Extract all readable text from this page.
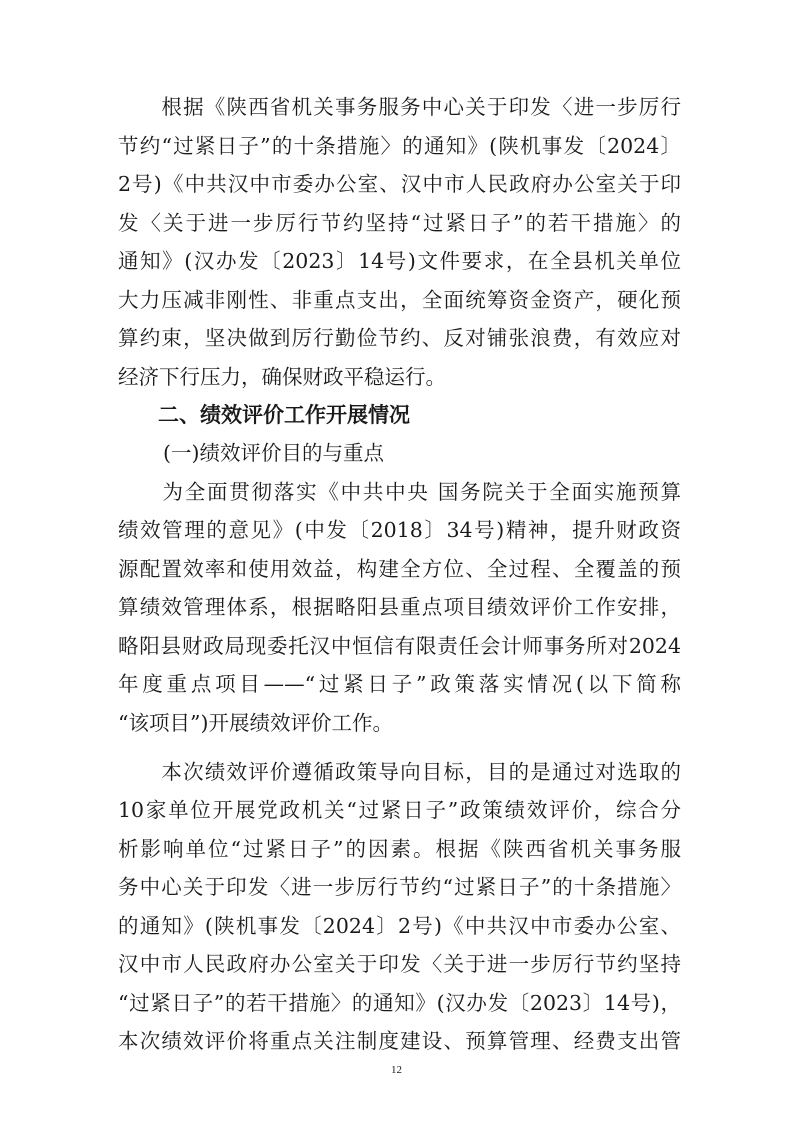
　　根据《陕西省机关事务服务中心关于印发〈进一步厉行
节约“过紧日子”的十条措施〉的通知》(陕机事发〔2024〕
2号)《中共汉中市委办公室、汉中市人民政府办公室关于印
发〈关于进一步厉行节约坚持“过紧日子”的若干措施〉的
通知》(汉办发〔2023〕14号)文件要求，在全县机关单位
大力压减非刚性、非重点支出，全面统筹资金资产，硬化预
算约束，坚决做到厉行勤俭节约、反对铺张浪费，有效应对
经济下行压力，确保财政平稳运行。
二、绩效评价工作开展情况
(一)绩效评价目的与重点
　　为全面贯彻落实《中共中央 国务院关于全面实施预算
绩效管理的意见》(中发〔2018〕34号)精神，提升财政资
源配置效率和使用效益，构建全方位、全过程、全覆盖的预
算绩效管理体系，根据略阳县重点项目绩效评价工作安排，
略阳县财政局现委托汉中恒信有限责任会计师事务所对2024
年度重点项目——“过紧日子”政策落实情况(以下简称
“该项目”)开展绩效评价工作。
　　本次绩效评价遵循政策导向目标，目的是通过对选取的
10家单位开展党政机关“过紧日子”政策绩效评价，综合分
析影响单位“过紧日子”的因素。根据《陕西省机关事务服
务中心关于印发〈进一步厉行节约“过紧日子”的十条措施〉
的通知》(陕机事发〔2024〕2号)《中共汉中市委办公室、
汉中市人民政府办公室关于印发〈关于进一步厉行节约坚持
“过紧日子”的若干措施〉的通知》(汉办发〔2023〕14号)，
本次绩效评价将重点关注制度建设、预算管理、经费支出管
12
